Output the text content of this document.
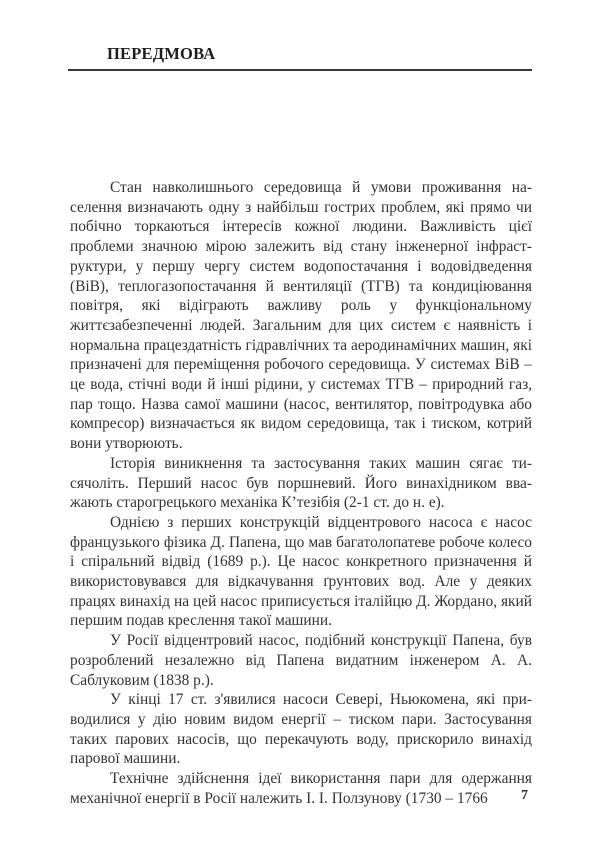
ПЕРЕДМОВА

Стан навколишнього середовища й умови проживання населення визначають одну з найбільш гострих проблем, які прямо чи побічно торкаються інтересів кожної людини. Важливість цієї проблеми значною мірою залежить від стану інженерної інфраструктури, у першу чергу систем водопостачання і водовідведення (ВіВ), теплогазопостачання й вентиляції (ТГВ) та кондиціювання повітря, які відіграють важливу роль у функціональному життєзабезпеченні людей. Загальним для цих систем є наявність і нормальна працездатність гідравлічних та аеродинамічних машин, які призначені для переміщення робочого середовища. У системах ВіВ – це вода, стічні води й інші рідини, у системах ТГВ – природний газ, пар тощо. Назва самої машини (насос, вентилятор, повітродувка або компресор) визначається як видом середовища, так і тиском, котрий вони утворюють.

Історія виникнення та застосування таких машин сягає тисячоліть. Перший насос був поршневий. Його винахідником вважають старогрецького механіка К’тезібія (2-1 ст. до н. е).

Однією з перших конструкцій відцентрового насоса є насос французького фізика Д. Папена, що мав багатолопатеве робоче колесо і спіральний відвід (1689 р.). Це насос конкретного призначення й використовувався для відкачування ґрунтових вод. Але у деяких працях винахід на цей насос приписується італійцю Д. Жордано, який першим подав креслення такої машини.

У Росії відцентровий насос, подібний конструкції Папена, був розроблений незалежно від Папена видатним інженером А. А. Саблуковим (1838 р.).

У кінці 17 ст. з'явилися насоси Севері, Ньюкомена, які приводилися у дію новим видом енергії – тиском пари. Застосування таких парових насосів, що перекачують воду, прискорило винахід парової машини.

Технічне здійснення ідеї використання пари для одержання механічної енергії в Росії належить І. І. Ползунову (1730 – 1766	7
